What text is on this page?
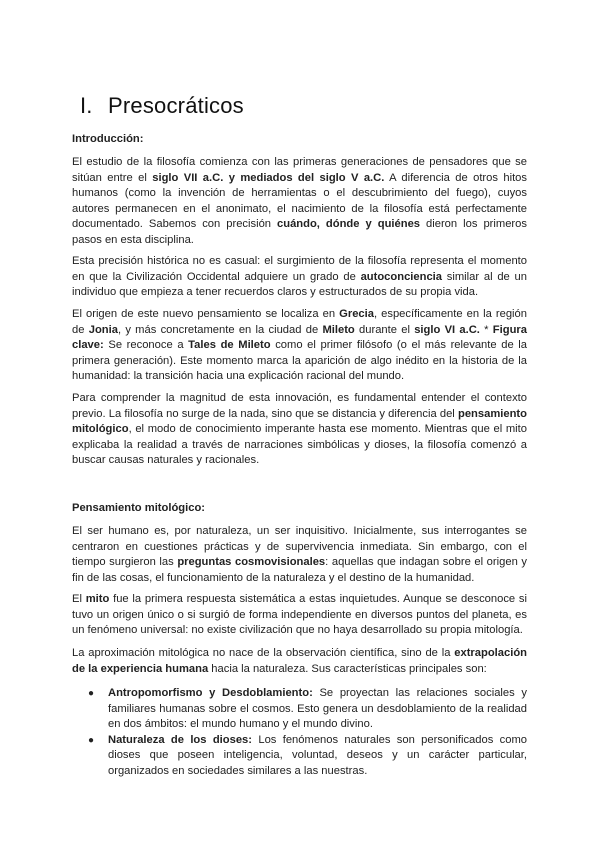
I. Presocráticos
Introducción:

El estudio de la filosofía comienza con las primeras generaciones de pensadores que se sitúan entre el siglo VII a.C. y mediados del siglo V a.C. A diferencia de otros hitos humanos (como la invención de herramientas o el descubrimiento del fuego), cuyos autores permanecen en el anonimato, el nacimiento de la filosofía está perfectamente documentado. Sabemos con precisión cuándo, dónde y quiénes dieron los primeros pasos en esta disciplina.

Esta precisión histórica no es casual: el surgimiento de la filosofía representa el momento en que la Civilización Occidental adquiere un grado de autoconciencia similar al de un individuo que empieza a tener recuerdos claros y estructurados de su propia vida.

El origen de este nuevo pensamiento se localiza en Grecia, específicamente en la región de Jonia, y más concretamente en la ciudad de Mileto durante el siglo VI a.C. * Figura clave: Se reconoce a Tales de Mileto como el primer filósofo (o el más relevante de la primera generación). Este momento marca la aparición de algo inédito en la historia de la humanidad: la transición hacia una explicación racional del mundo.

Para comprender la magnitud de esta innovación, es fundamental entender el contexto previo. La filosofía no surge de la nada, sino que se distancia y diferencia del pensamiento mitológico, el modo de conocimiento imperante hasta ese momento. Mientras que el mito explicaba la realidad a través de narraciones simbólicas y dioses, la filosofía comenzó a buscar causas naturales y racionales.

Pensamiento mitológico:

El ser humano es, por naturaleza, un ser inquisitivo. Inicialmente, sus interrogantes se centraron en cuestiones prácticas y de supervivencia inmediata. Sin embargo, con el tiempo surgieron las preguntas cosmovisionales: aquellas que indagan sobre el origen y fin de las cosas, el funcionamiento de la naturaleza y el destino de la humanidad.

El mito fue la primera respuesta sistemática a estas inquietudes. Aunque se desconoce si tuvo un origen único o si surgió de forma independiente en diversos puntos del planeta, es un fenómeno universal: no existe civilización que no haya desarrollado su propia mitología.

La aproximación mitológica no nace de la observación científica, sino de la extrapolación de la experiencia humana hacia la naturaleza. Sus características principales son:

● Antropomorfismo y Desdoblamiento: Se proyectan las relaciones sociales y familiares humanas sobre el cosmos. Esto genera un desdoblamiento de la realidad en dos ámbitos: el mundo humano y el mundo divino.
● Naturaleza de los dioses: Los fenómenos naturales son personificados como dioses que poseen inteligencia, voluntad, deseos y un carácter particular, organizados en sociedades similares a las nuestras.
